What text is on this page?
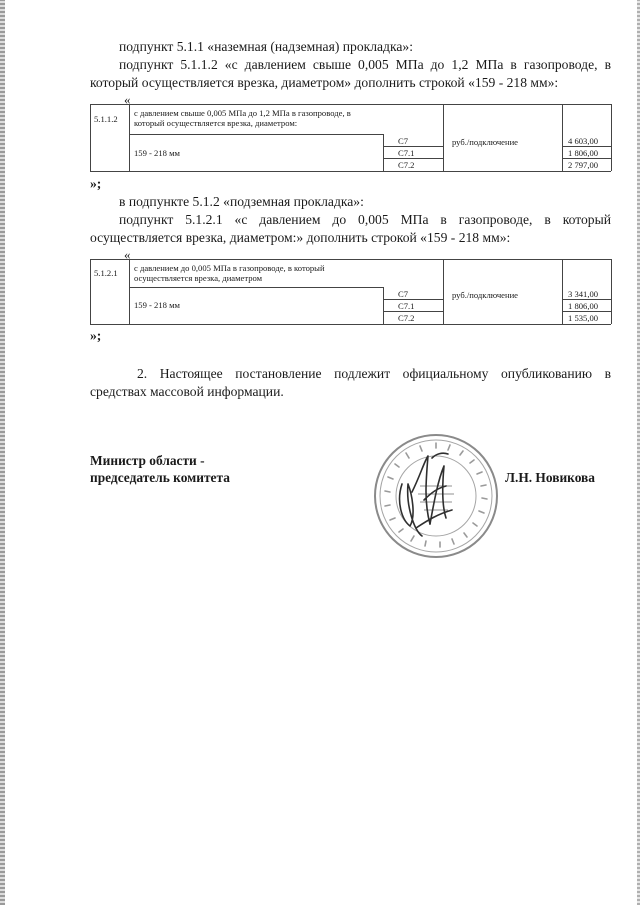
подпункт 5.1.1 «наземная (надземная) прокладка»:
подпункт 5.1.1.2 «с давлением свыше 0,005 МПа до 1,2 МПа в газопроводе, в
который осуществляется врезка, диаметром» дополнить строкой «159 - 218 мм»:
«
5.1.1.2
с давлением свыше 0,005 МПа до 1,2 МПа в газопроводе, в
который осуществляется врезка, диаметром:
159 - 218 мм
руб./подключение
С7
С7.1
С7.2
4 603,00
1 806,00
2 797,00
»;
в подпункте 5.1.2 «подземная прокладка»:
подпункт 5.1.2.1 «с давлением до 0,005 МПа в газопроводе, в который
осуществляется врезка, диаметром:» дополнить строкой «159 - 218 мм»:
«
5.1.2.1 с давлением до 0,005 МПа в газопроводе, в который
осуществляется врезка, диаметром
159 - 218 мм
руб./подключение
С7
С7.1
С7.2
3 341,00
1 806,00
1 535,00
»;
2. Настоящее постановление подлежит официальному опубликованию в
средствах массовой информации.
Министр области -
председатель комитета	Л.Н. Новикова
